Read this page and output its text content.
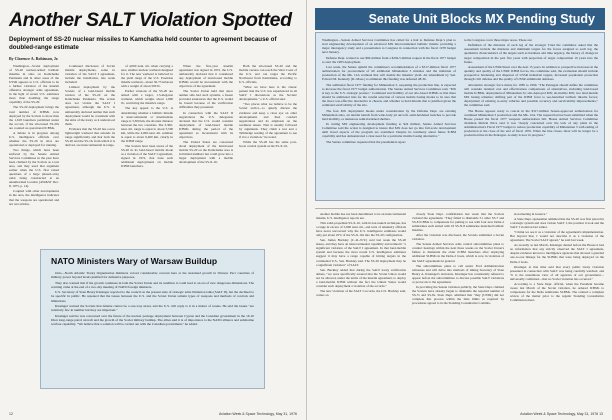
Another SALT Violation Spotted

Deployment of SS-20 nuclear missiles to Kamchatka held counter to agreement because of doubled-range estimate

By Clarence A. Robinson, Jr.

Washington—Soviet deployment of SS-20 nuclear-armed ballistic missiles in silos on Kamchatka Peninsula and in other areas of the USSR appears to U.S. officials to be a further violation of the interim offensive strategic arms agreement, in the light of recent U.S. estimates more than doubling the range capability of the SS-20.

The SS-20 deployment brings the total number of ICBMs now deployed by the Soviets to more than the 1,618 launchers permitted under the accord, if the silo-based SS-20s are counted as operational ICBMs.

A debate is in progress among U.S. intelligence officials over whether the SS-20 in silos are operational or deployed for training.

Two things, which have been surfaced by the Senate Armed Services Committee in the past have been claimed by the Soviets as a test area, and they used that argument earlier when the U.S. first raised questions of a large phased-array radar being constructed at an unauthorized location (AW&ST Dec. 8, 1975, p. 14).

Coupled with other developments in the area, the intelligence indicates that the weapons are operational and not test articles.

Continued disclosure of Soviet missile deployments, some in violation of the SALT I agreement, include the installation, late week included:

Limited deployment by the Soviets of a land-based mobile version of the SS-20 on the Kamchatka Peninsula. The action does not violate the SALT I agreement, although the U.S. is unilaterally declared neither that such deployment would be consistent with the aims of the treaty as it understood them.

Evidence that the SS-20 has a new lightweight warhead that extends its range significantly and that both the SS-20 and the SS-16, from which it is derived, are intercontinental in range.

of 4,000 naut. mi. when carrying a new, smaller nuclear warhead designed for it. The new warhead is believed in the yield range of the U.S. Poseidon missile warhead—about 50-75 kilotons with a weight of about 500 lb.

Earlier versions of the SS-20 are armed with a larger, 1.5-megaton warhead, which weighs about 1,000 lb., restricting the missile's range.

The key appeal to the U.S. is determining whether a ballistic missile is intercontinental or intermediate range is 3,300 km, the shortest distance between the two countries. The 3,300-naut. mi. range is equal to about 5,500 km, while the 4,000-naut. mi. estimate is equal to about 6,400 km, clearly in the ICBM range.

The Soviets have been aware of the SS-20 in its land-based mobile mode as a violation of the SALT I agreement, signed in 1972, that bans such additional deployments on mobile ICBM launchers.

When the five-year interim agreement was signed in 1972, the U.S. unilaterally declared that it considered any deployment of land-based mobile ICBMs would be inconsistent with the objectives of the agreement.

The Soviet Union held that since neither side had such systems, a freeze provided assurances that the U.S. would be bound because of the verification difficulties they presented.

In connection with the SALT II negotiations the U.S. delegation declared that the U.S. would consider deployment of land-based mobile ICBMs during the period of the agreement as inconsistent with its objectives.

The United States are concerned about deployment of the land-based mobile SS-20 on the Kamchatka area is in limited numbers but could grow into a larger deployment with a mobile development of the SS-X-16.

Both the silo-based SS-20 and the mobile version can reach the West Coast of the U.S. and can target the Pacific Northwest from Kamchatka, according to U.S. officials.

"What we have here is the classic pattern that the U.S. has experienced in all SALT I discussions as the Soviets' developments," a U.S. official said.

"Two places what we believe to be the Soviet tactics—to quietly discuss the evidence and keep a close eye on other developments and then conduct negotiations and its emphasis on the readiness issues. That is usually followed by arguments. They claim a test and a Tallmadge reading of the agreement to see if it is a violation," he noted.

While the SS-20 has the same post-boost control system as the SS-X-16,

NATO Ministers Wary of Warsaw Buildup

Oslo—North Atlantic Treaty Organization ministers voiced considerable concern here at the sustained growth in Warsaw Pact countries of military power beyond levels justified for defensive purposes.

They also warned that if the growth continues in both the Soviet Union and its satellites it could lead to an era of new dangerous dimensions. The warning came at the end of a two-day meeting of NATO foreign ministers.

U.S. Secretary of State Henry Kissinger reported to the council on the present state of strategic arms limitation talks (SALT II), but the declined to be specific in public. He repeated that the issues between the U.S. and the Soviet Union remain types of weapons and methods of controls and limitations.

Kissinger warned the Soviets that détente cannot be a one-way street, and the U.S. will reply to it in a matter of weeks. He said the issues "are relatively few in number but they are important."

Kissinger said he was concerned over the future of the nuclear package deployment between Cyprus and the Canadian government in the 16-10 Dion long-range patrol aircraft and the growth of the Soviet military buildup. The allies said it is of importance to the NATO alliance and submarine warfare capability. "We believe that a solution will be carried out with the Canadian government," he added.

12	Aviation Week & Space Technology, May 31, 1976
Senate Unit Blocks MX Pending Study

Washington—Senate Armed Services Committee has called for a halt to Defense Dept.'s plan to start engineering development of an advanced MX intercontinental ballistic missile providing a major interagency study and a presentation to Congress in connection with the fiscal 1978 budget next January.

Defense Dept. wanted to use $84 million from a $294.5 million request in the fiscal 1977 budget to start the 1983 deployment.

Last week, the Senate upheld the committee's recommendation of a $317-million fiscal 1977 authorization for procurement of 60 additional Minuteman 3 missiles and the initiation of production of the Mk. 12A warhead that will double the missiles' yield. An amendment by Sen. Edward M. Kennedy (D.-Mass.) to eliminate this funding was defeated 48-36.

The additional fiscal 1977 funding for Minuteman 3, reopening the production line, is expected to increase the fiscal 1977 budget authorization. The Senate Armed Services Committee said, "MX is key to the U.S. strategic posture." Continued survivability of our silo-based ICBMs as that there should be additional tries for the careful selection of various mobile basing modes to be sure that the most cost-effective alternative is chosen, and whether to hold missile that is justified given the estimated survivability of the silo.

The four MX deployment modes under consideration by the Defense Dept. are existing Minuteman silos, air mobile launch from wide-body jet aircraft, semi-hardened trenches to provide land mobility, or numerous semi-hardened shelters.

In cutting MX engineering development funding to $24 million, Senate Armed Services Committee said the action is designed to insure that MX does not go into full-scale development until broad aspects of the program are examined. Despite its testimony about future ICBM capability and has demonstrated a clear need for a particular mobile basing alternative."

The Senate committee requested that the presidential report

to the Congress cover three major areas. These are:

Definition of the missions of each leg of the strategic Triad the committee asked that the assessment include the missions and minimum targets for the forces assigned to each leg, the qualitative characteristics of the targets such as hardness and time urgency, the history of change in target composition in the past five years with projection of target composition 10 years into the future.

Assessment of the USSR threat over the next 15 years. In addition to prospective increases in the quantity and quality of the USSR ICBM forces, the committee said, the evaluation should include prospective hardening and dispersal of USSR industrial targets, increased population protection through civil defense and the quality of USSR antimissile defenses.

Alternative strategic force mixes for 1985 to 1990. "The Pentagon should define the committee will consider detailed cost and effectiveness comparisons of alternatives, including land-based mobile ICBMs, deployment of Minuteman 3s; silo-deployed MX; air-mobile MX; two land-mobile MX basing schemes; shifting part of the ICBM force to sea-launched ballistic missile forces; deployment of existing re-entry vehicles and possible accuracy and survivability improvements," the committee said.

The House appears ready to concur in the $317-million Senate-approved authorization for continued Minuteman 3 production and the Mk. 12A. The request had not been submitted when the House passed the fiscal 1977 weapons authorization bill. House Armed Services Committee chairman Melvin Price said it was "deeply concerned over the lack of any plans in the Administration's Fiscal 1977 budget to reduce production capability of Minuteman 3 with ending of production at the close of the end of fiscal 1976. When the line closes, there will no longer be a production line in the Pentagon. A study is now in progress."

another mobile has not been determined to be an intercontinental missile, U.S. intelligence reports are.

This solid-propellant SS-X-16, with its hot-launch technique, has a range in excess of 5,000 naut. mi., and tests of telemetry officials have never uncovered why the U.S. intelligence estimates would only put about 25% of the SS-X-16s into the SS-20 configuration.

Sen. James Buckley (C.-R.-N.Y.) said last week the SS-20 issues, and they have an intercontinental capability and termed it "a significant violation of the SALT I agreement. In that land-mobile system and because the most recent U.S. intelligence estimates suggest it may have a range capable of hitting targets in the continental U.S., Sen. Buckley said. The SS-20 deployment may be a significant violation" of SALT.

Sen. Buckley added that during the SALT treaty verification debate, "we were specifically assured that the Soviet Union would not be allowed, under the terms of the interim agreement, to deploy a land-mobile ICBM without the fact the United States would consider such deployment a violation of the accords."

The new violation of the SALT I accords, the U.S. Buckley said, comes on

closely State Dept. confirmation last week that the Soviets violated the agreement. "They failed to dismantle 51 older SS-7 and SS-8 ICBMs to compensate for putting to sea with four new Delta-2 submarines each armed with 16 SS-N-8 submarine-launched ballistic missiles.

After the violation was disclosed, the Soviets submitted a Soviet violation.

The Senate Armed Services arms control subcommittee plans to conduct hearings within the next three weeks on the Soviet Union's failure to dismantle the older ICBM launchers after deploying additional SLBMs in the Delta-2 boats, which is now in violation of the SALT agreements in general.

The subcommittee plans to call senior Ford Administration witnesses and will delve into methods of timing Secretary of State Henry A. Kissinger's decisions. Kissinger has consistently refused to appear before the subcommittee to discuss possible SALT violations or protocols to the agreement.

In providing the Senate violation publicly, the State Dept. claimed the Soviets have already begun to dismantle the required number of SS-7s and SS-8s. State Dept. admitted that "they [USSR] did not complete this process within the time limits as required by procedures agreed to in the Standing Consultative Commis-

sion meeting in Geneva."

A State Dept. spokesman admitted that the SS-20 was first placed in a strategic system and does violate SALT I, the position it took and the SALT I violation last winter.

"I think we see it as a violation of the agreement's implementation. But beyond that, I would not describe it as a violation of the agreement. The Soviet SALT agreed," he said last week.

As recently as last March, Kissinger denied before the House it had no information that any strictly observed the SALT I agreement, despite evidence known to intelligence agencies that showed a guarded one-to-one linkage for the SLBMs that were being deployed on the Delta-2 boats.

Kissinger at that time said that every public treaty violation presented in connection with SALT was being carefully watched, and "it is the unanimous view of all agencies of our government—universally confirmed—that no Soviet violation has occurred."

According to a State Dept. official, when the President became aware last March of the Soviet violation, he ordered ICBMs to compensate for the Delta submarine SLBMs. The ordered a complete review of the matter prior to the regular Standing Consultative Commission meet-

Aviation Week & Space Technology, May 31, 1976 13
